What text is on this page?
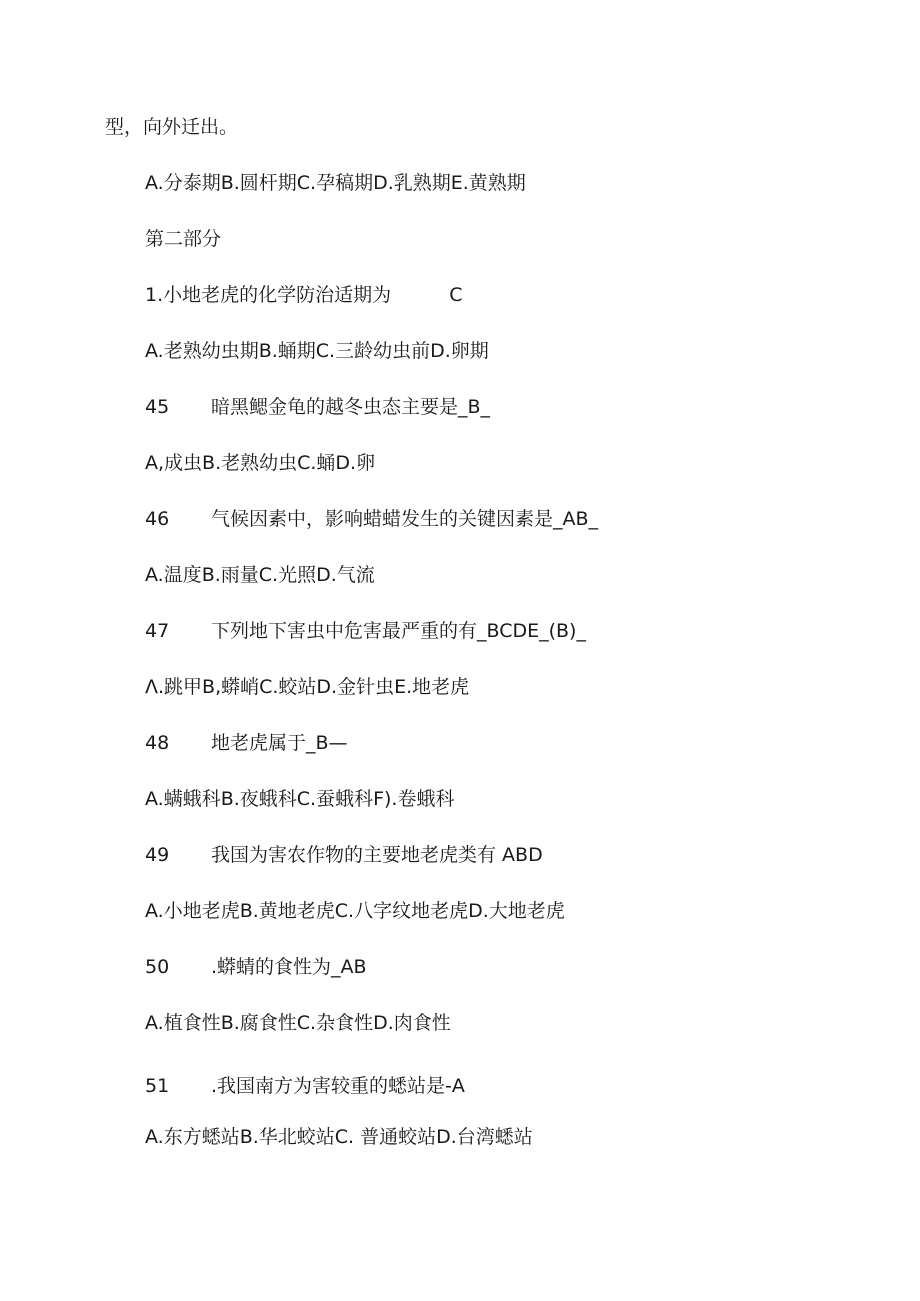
型，向外迁出。
A.分泰期B.圆杆期C.孕稿期D.乳熟期E.黄熟期
第二部分
1.小地老虎的化学防治适期为	C
A.老熟幼虫期B.蛹期C.三龄幼虫前D.卵期
45 暗黑鳃金龟的越冬虫态主要是_B_
A,成虫B.老熟幼虫C.蛹D.卵
46 气候因素中，影响蜡蜡发生的关键因素是_AB_
A.温度B.雨量C.光照D.气流
47 下列地下害虫中危害最严重的有_BCDE_(B)_
Λ.跳甲B,蟒峭C.蛟站D.金针虫E.地老虎
48 地老虎属于_B—
A.螨蛾科B.夜蛾科C.蚕蛾科F).卷蛾科
49 我国为害农作物的主要地老虎类有 ABD
A.小地老虎B.黄地老虎C.八字纹地老虎D.大地老虎
50 .蟒蜻的食性为_AB
A.植食性B.腐食性C.杂食性D.肉食性
51 .我国南方为害较重的蟋站是-A
A.东方蟋站B.华北蛟站C. 普通蛟站D.台湾蟋站
